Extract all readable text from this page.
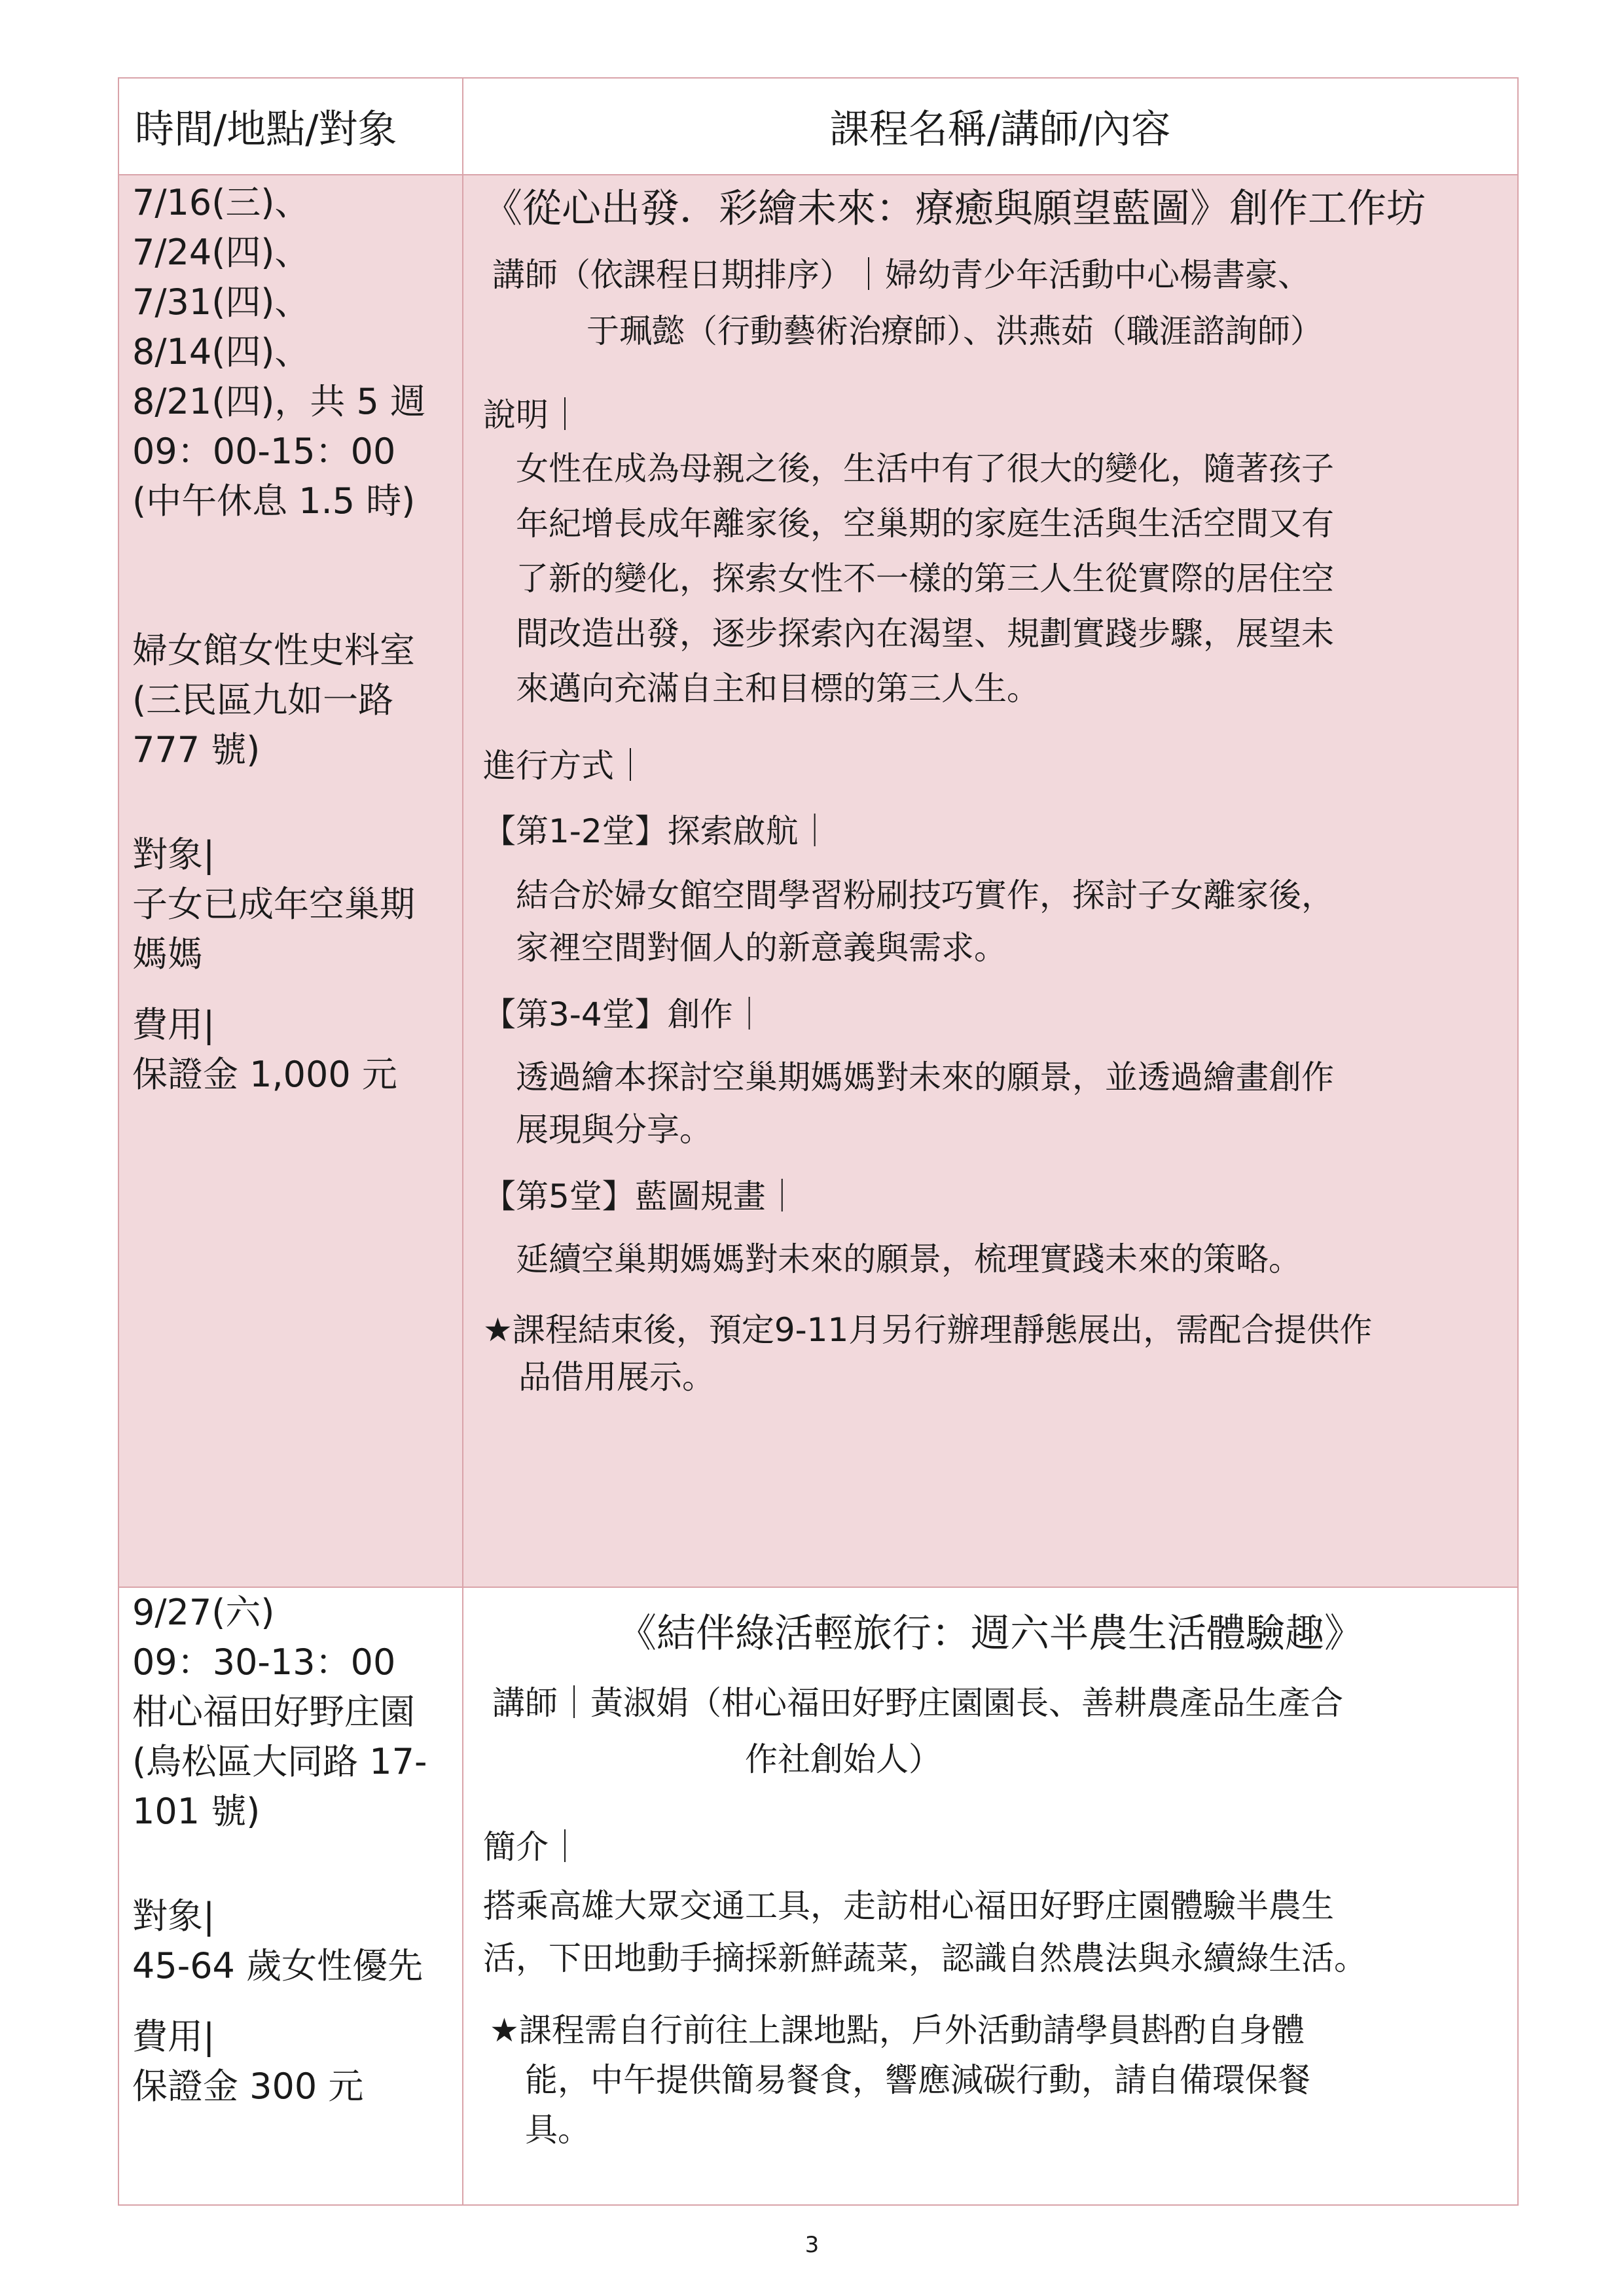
時間/地點/對象	課程名稱/講師/內容
7/16(三)、
7/24(四)、
7/31(四)、
8/14(四)、
8/21(四)，共 5 週
09：00-15：00
(中午休息 1.5 時)
婦女館女性史料室
(三民區九如一路
777 號)
對象|
子女已成年空巢期
媽媽
費用|
保證金 1,000 元
《從心出發．彩繪未來：療癒與願望藍圖》創作工作坊
講師（依課程日期排序）｜婦幼青少年活動中心楊書豪、
于珮懿（行動藝術治療師）、洪燕茹（職涯諮詢師）
說明｜
女性在成為母親之後，生活中有了很大的變化，隨著孩子
年紀增長成年離家後，空巢期的家庭生活與生活空間又有
了新的變化，探索女性不一樣的第三人生從實際的居住空
間改造出發，逐步探索內在渴望、規劃實踐步驟，展望未
來邁向充滿自主和目標的第三人生。
進行方式｜
【第1-2堂】探索啟航｜
結合於婦女館空間學習粉刷技巧實作，探討子女離家後，
家裡空間對個人的新意義與需求。
【第3-4堂】創作｜
透過繪本探討空巢期媽媽對未來的願景，並透過繪畫創作
展現與分享。
【第5堂】藍圖規畫｜
延續空巢期媽媽對未來的願景，梳理實踐未來的策略。
★課程結束後，預定9-11月另行辦理靜態展出，需配合提供作
品借用展示。
9/27(六)
09：30-13：00
柑心福田好野庄園
(鳥松區大同路 17-
101 號)
對象|
45-64 歲女性優先
費用|
保證金 300 元
《結伴綠活輕旅行：週六半農生活體驗趣》
講師｜黃淑娟（柑心福田好野庄園園長、善耕農產品生產合
作社創始人）
簡介｜
搭乘高雄大眾交通工具，走訪柑心福田好野庄園體驗半農生
活，下田地動手摘採新鮮蔬菜，認識自然農法與永續綠生活。
★課程需自行前往上課地點，戶外活動請學員斟酌自身體
能，中午提供簡易餐食，響應減碳行動，請自備環保餐
具。
3
